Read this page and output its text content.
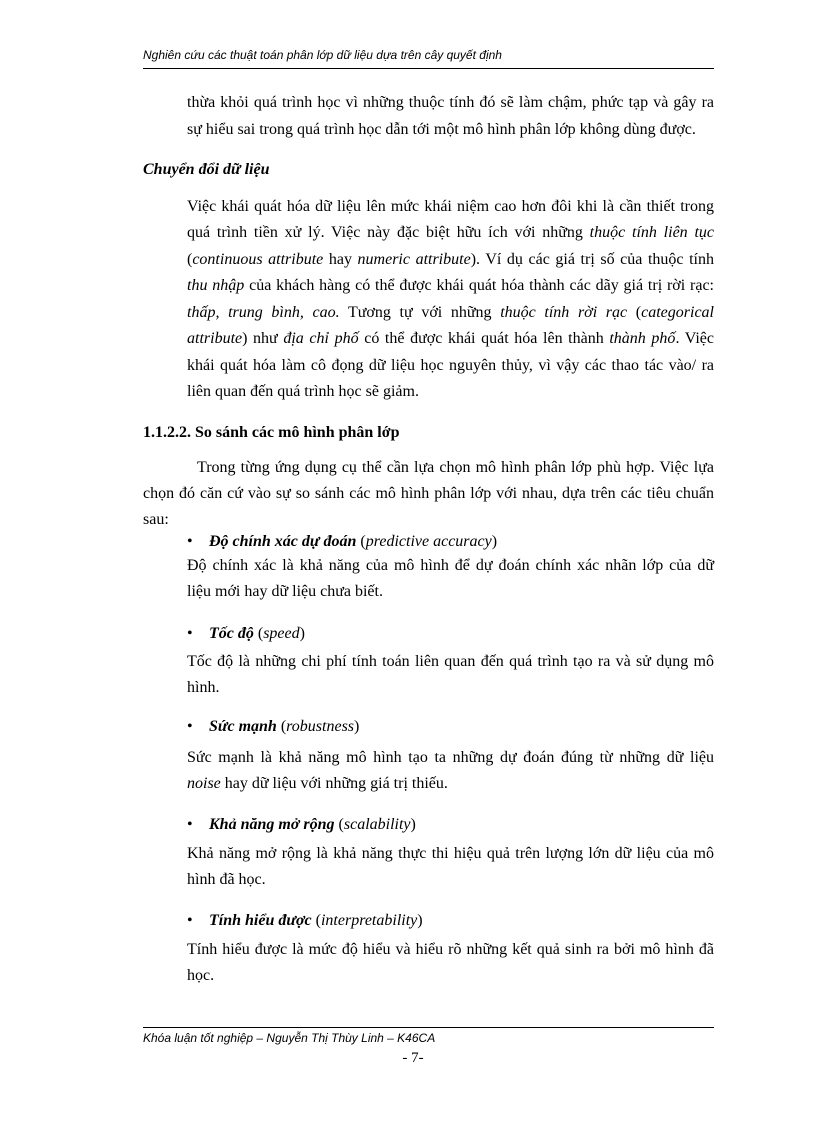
Nghiên cứu các thuật toán phân lớp dữ liệu dựa trên cây quyết định

thừa khỏi quá trình học vì những thuộc tính đó sẽ làm chậm, phức tạp và gây ra

sự hiểu sai trong quá trình học dẫn tới một mô hình phân lớp không dùng được.

Chuyển đổi dữ liệu

Việc khái quát hóa dữ liệu lên mức khái niệm cao hơn đôi khi là cần thiết trong

quá trình tiền xử lý. Việc này đặc biệt hữu ích với những thuộc tính liên tục

(continuous attribute hay numeric attribute). Ví dụ các giá trị số của thuộc tính

thu nhập của khách hàng có thể được khái quát hóa thành các dãy giá trị rời rạc:

thấp, trung bình, cao. Tương tự với những thuộc tính rời rạc (categorical

attribute) như địa chỉ phố có thể được khái quát hóa lên thành thành phố. Việc

khái quát hóa làm cô đọng dữ liệu học nguyên thủy, vì vậy các thao tác vào/ ra

liên quan đến quá trình học sẽ giảm.

1.1.2.2. So sánh các mô hình phân lớp

Trong từng ứng dụng cụ thể cần lựa chọn mô hình phân lớp phù hợp. Việc lựa

chọn đó căn cứ vào sự so sánh các mô hình phân lớp với nhau, dựa trên các tiêu chuẩn

sau:

• Độ chính xác dự đoán (predictive accuracy)

Độ chính xác là khả năng của mô hình để dự đoán chính xác nhãn lớp của dữ

liệu mới hay dữ liệu chưa biết.

• Tốc độ (speed)

Tốc độ là những chi phí tính toán liên quan đến quá trình tạo ra và sử dụng mô

hình.

• Sức mạnh (robustness)

Sức mạnh là khả năng mô hình tạo ta những dự đoán đúng từ những dữ liệu

noise hay dữ liệu với những giá trị thiếu.

• Khả năng mở rộng (scalability)

Khả năng mở rộng là khả năng thực thi hiệu quả trên lượng lớn dữ liệu của mô

hình đã học.

• Tính hiểu được (interpretability)

Tính hiểu được là mức độ hiểu và hiểu rõ những kết quả sinh ra bởi mô hình đã

học.

Khóa luận tốt nghiệp – Nguyễn Thị Thùy Linh – K46CA
- 7-
